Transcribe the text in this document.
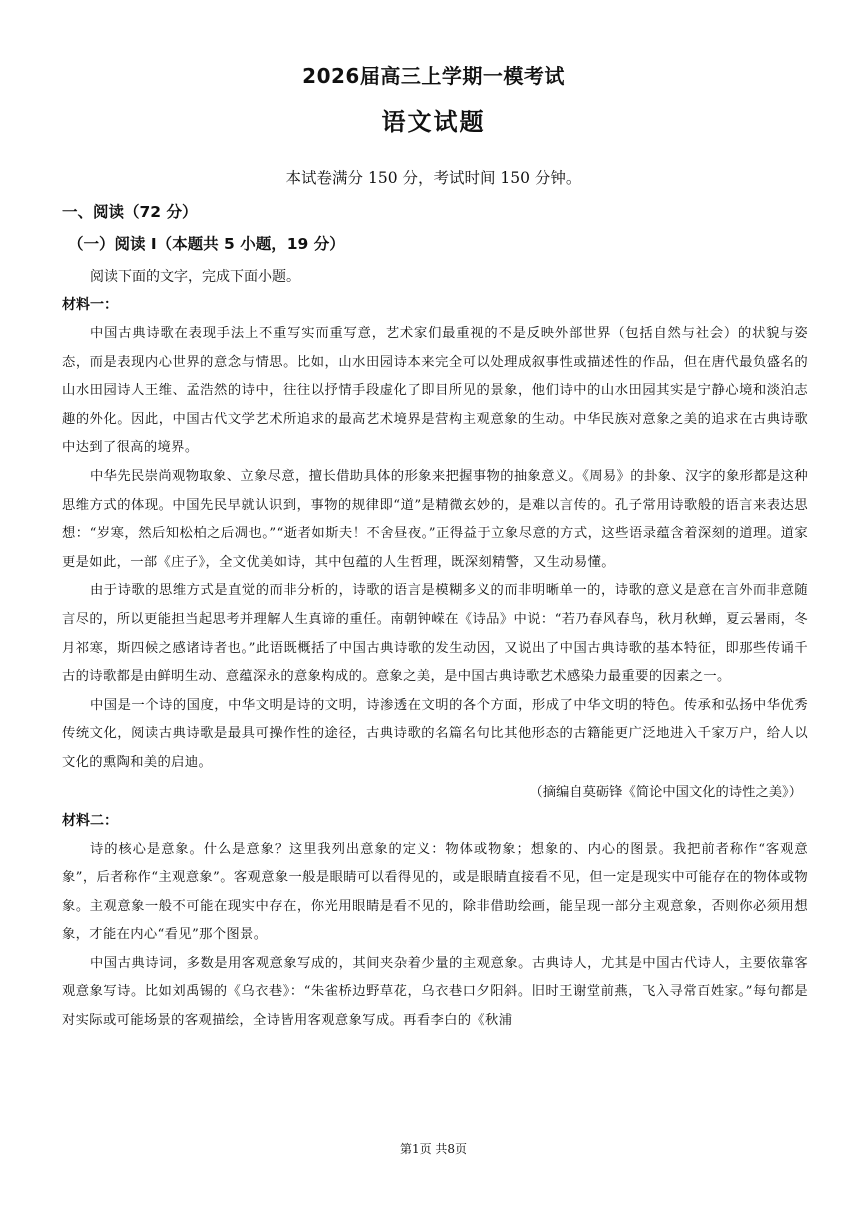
2026届高三上学期一模考试
语文试题
本试卷满分 150 分，考试时间 150 分钟。
一、阅读（72 分）
（一）阅读 I（本题共 5 小题，19 分）
阅读下面的文字，完成下面小题。
材料一：

中国古典诗歌在表现手法上不重写实而重写意，艺术家们最重视的不是反映外部世界（包括自然与社会）的状貌与姿态，而是表现内心世界的意念与情思。比如，山水田园诗本来完全可以处理成叙事性或描述性的作品，但在唐代最负盛名的山水田园诗人王维、孟浩然的诗中，往往以抒情手段虚化了即目所见的景象，他们诗中的山水田园其实是宁静心境和淡泊志趣的外化。因此，中国古代文学艺术所追求的最高艺术境界是营构主观意象的生动。中华民族对意象之美的追求在古典诗歌中达到了很高的境界。

中华先民崇尚观物取象、立象尽意，擅长借助具体的形象来把握事物的抽象意义。《周易》的卦象、汉字的象形都是这种思维方式的体现。中国先民早就认识到，事物的规律即“道”是精微玄妙的，是难以言传的。孔子常用诗歌般的语言来表达思想：“岁寒，然后知松柏之后凋也。”“逝者如斯夫！不舍昼夜。”正得益于立象尽意的方式，这些语录蕴含着深刻的道理。道家更是如此，一部《庄子》，全文优美如诗，其中包蕴的人生哲理，既深刻精警，又生动易懂。

由于诗歌的思维方式是直觉的而非分析的，诗歌的语言是模糊多义的而非明晰单一的，诗歌的意义是意在言外而非意随言尽的，所以更能担当起思考并理解人生真谛的重任。南朝钟嵘在《诗品》中说：“若乃春风春鸟，秋月秋蝉，夏云暑雨，冬月祁寒，斯四候之感诸诗者也。”此语既概括了中国古典诗歌的发生动因，又说出了中国古典诗歌的基本特征，即那些传诵千古的诗歌都是由鲜明生动、意蕴深永的意象构成的。意象之美，是中国古典诗歌艺术感染力最重要的因素之一。

中国是一个诗的国度，中华文明是诗的文明，诗渗透在文明的各个方面，形成了中华文明的特色。传承和弘扬中华优秀传统文化，阅读古典诗歌是最具可操作性的途径，古典诗歌的名篇名句比其他形态的古籍能更广泛地进入千家万户，给人以文化的熏陶和美的启迪。

（摘编自莫砺锋《简论中国文化的诗性之美》）
材料二：

诗的核心是意象。什么是意象？这里我列出意象的定义：物体或物象；想象的、内心的图景。我把前者称作“客观意象”，后者称作“主观意象”。客观意象一般是眼睛可以看得见的，或是眼睛直接看不见，但一定是现实中可能存在的物体或物象。主观意象一般不可能在现实中存在，你光用眼睛是看不见的，除非借助绘画，能呈现一部分主观意象，否则你必须用想象，才能在内心“看见”那个图景。

中国古典诗词，多数是用客观意象写成的，其间夹杂着少量的主观意象。古典诗人，尤其是中国古代诗人，主要依靠客观意象写诗。比如刘禹锡的《乌衣巷》：“朱雀桥边野草花，乌衣巷口夕阳斜。旧时王谢堂前燕，飞入寻常百姓家。”每句都是对实际或可能场景的客观描绘，全诗皆用客观意象写成。再看李白的《秋浦

第1页 共8页
